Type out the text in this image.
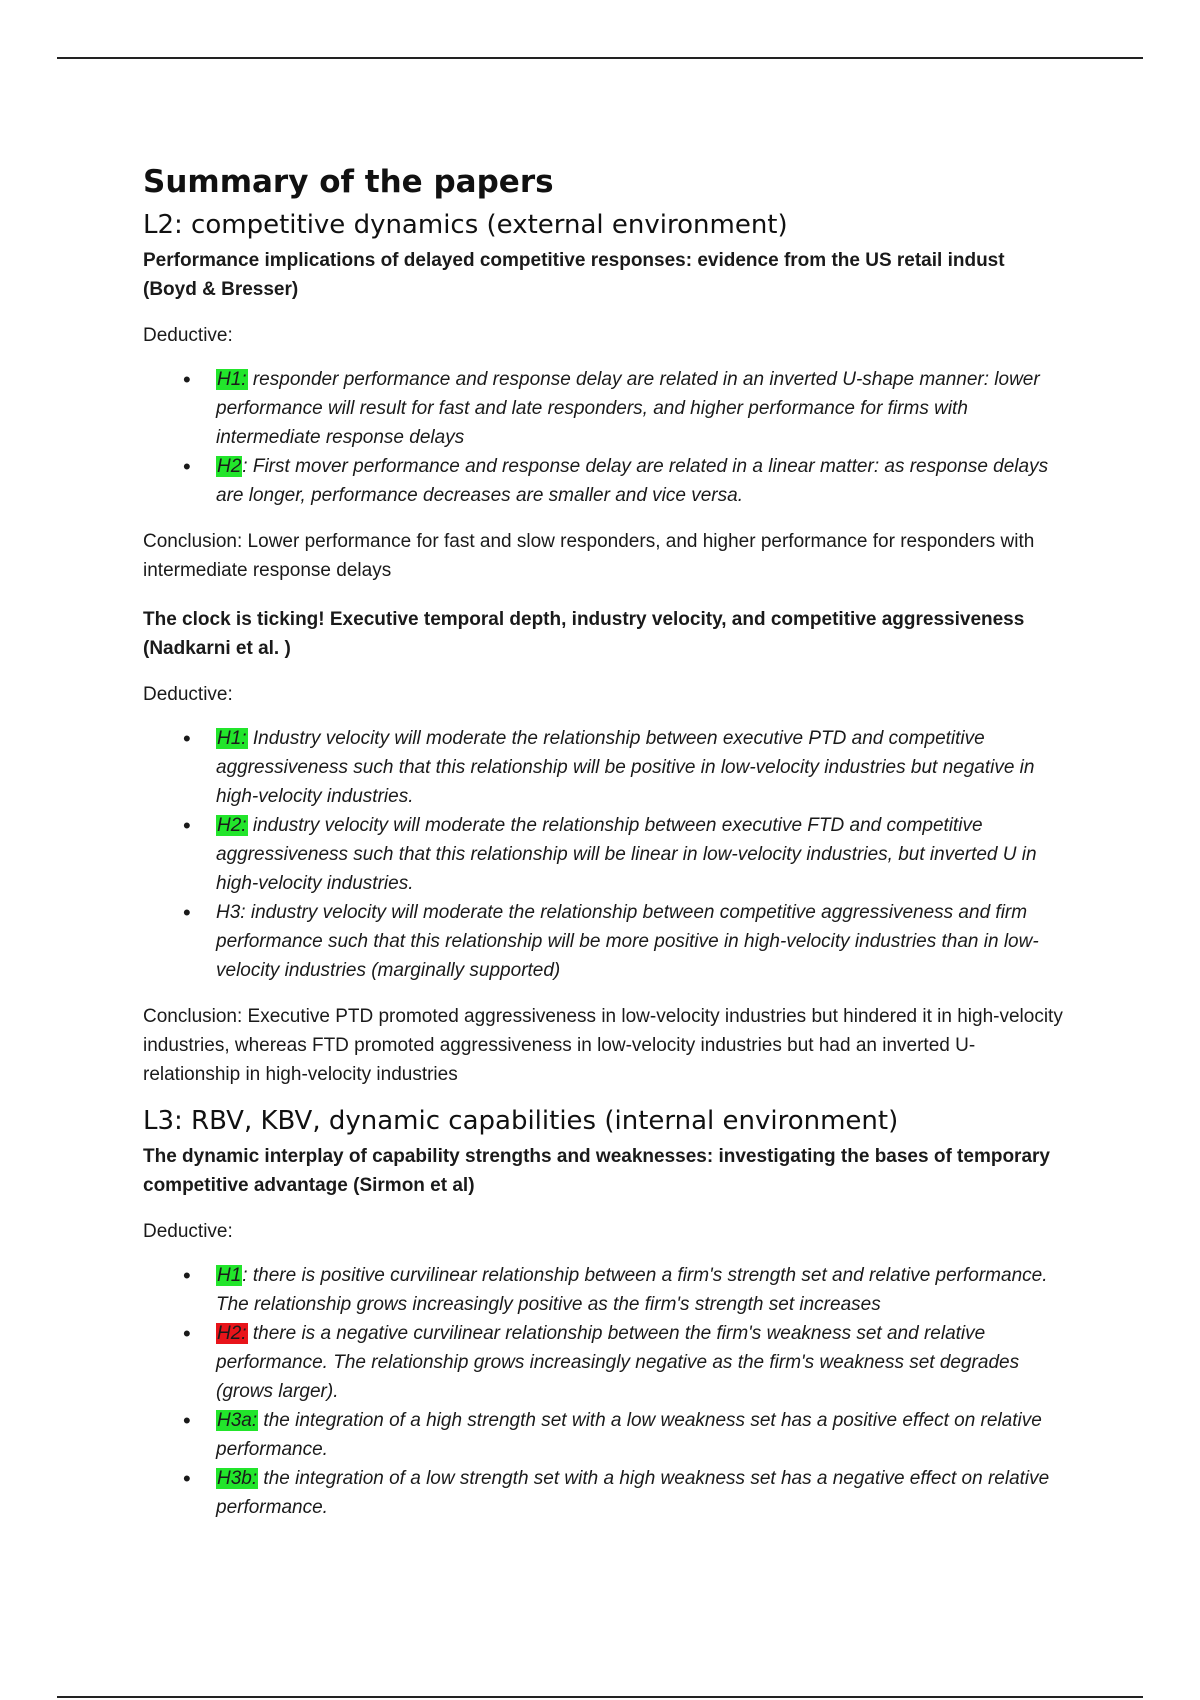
Summary of the papers
L2: competitive dynamics (external environment)

Performance implications of delayed competitive responses: evidence from the US retail indust (Boyd & Bresser)

Deductive:

• H1: responder performance and response delay are related in an inverted U-shape manner: lower performance will result for fast and late responders, and higher performance for firms with intermediate response delays
• H2: First mover performance and response delay are related in a linear matter: as response delays are longer, performance decreases are smaller and vice versa.

Conclusion: Lower performance for fast and slow responders, and higher performance for responders with intermediate response delays

The clock is ticking! Executive temporal depth, industry velocity, and competitive aggressiveness (Nadkarni et al. )

Deductive:

• H1: Industry velocity will moderate the relationship between executive PTD and competitive aggressiveness such that this relationship will be positive in low-velocity industries but negative in high-velocity industries.
• H2: industry velocity will moderate the relationship between executive FTD and competitive aggressiveness such that this relationship will be linear in low-velocity industries, but inverted U in high-velocity industries.
• H3: industry velocity will moderate the relationship between competitive aggressiveness and firm performance such that this relationship will be more positive in high-velocity industries than in low-velocity industries (marginally supported)

Conclusion: Executive PTD promoted aggressiveness in low-velocity industries but hindered it in high-velocity industries, whereas FTD promoted aggressiveness in low-velocity industries but had an inverted U-relationship in high-velocity industries

L3: RBV, KBV, dynamic capabilities (internal environment)

The dynamic interplay of capability strengths and weaknesses: investigating the bases of temporary competitive advantage (Sirmon et al)

Deductive:

• H1: there is positive curvilinear relationship between a firm's strength set and relative performance. The relationship grows increasingly positive as the firm's strength set increases
• H2: there is a negative curvilinear relationship between the firm's weakness set and relative performance. The relationship grows increasingly negative as the firm's weakness set degrades (grows larger).
• H3a: the integration of a high strength set with a low weakness set has a positive effect on relative performance.
• H3b: the integration of a low strength set with a high weakness set has a negative effect on relative performance.
